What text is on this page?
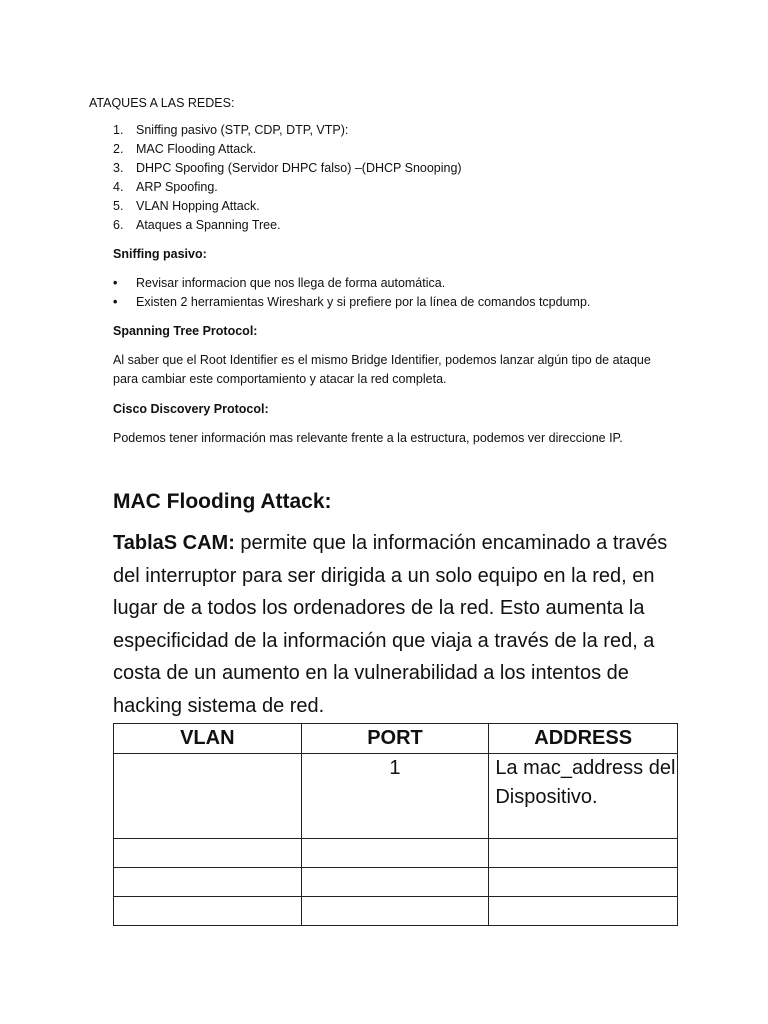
ATAQUES A LAS REDES:
1.	Sniffing pasivo (STP, CDP, DTP, VTP):
2.	MAC Flooding Attack.
3.	DHPC Spoofing (Servidor DHPC falso) –(DHCP Snooping)
4.	ARP Spoofing.
5.	VLAN Hopping Attack.
6.	Ataques a Spanning Tree.
Sniffing pasivo:
•	Revisar informacion que nos llega de forma automática.
•	Existen 2 herramientas Wireshark y si prefiere por la línea de comandos tcpdump.
Spanning Tree Protocol:
Al saber que el Root Identifier es el mismo Bridge Identifier, podemos lanzar algún tipo de ataque para cambiar este comportamiento y atacar la red completa.
Cisco Discovery Protocol:
Podemos tener información mas relevante frente a la estructura, podemos ver direccione IP.
MAC Flooding Attack:
TablaS CAM: permite que la información encaminado a través del interruptor para ser dirigida a un solo equipo en la red, en lugar de a todos los ordenadores de la red. Esto aumenta la especificidad de la información que viaja a través de la red, a costa de un aumento en la vulnerabilidad a los intentos de hacking sistema de red.
VLAN	PORT	ADDRESS
	1	La mac_address del Dispositivo.
